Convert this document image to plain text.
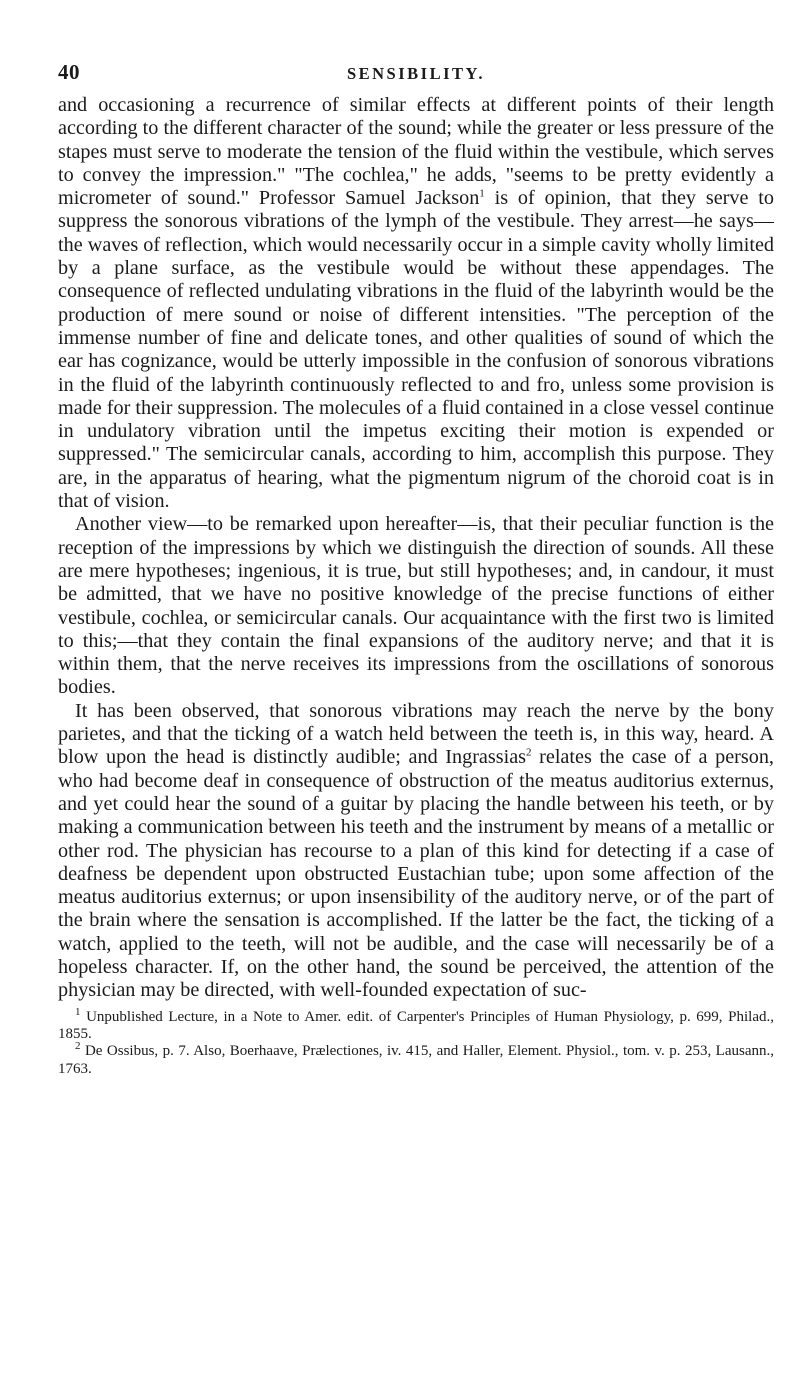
40	SENSIBILITY.

and occasioning a recurrence of similar effects at different points of their length according to the different character of the sound; while the greater or less pressure of the stapes must serve to moderate the tension of the fluid within the vestibule, which serves to convey the impression." "The cochlea," he adds, "seems to be pretty evidently a micrometer of sound." Professor Samuel Jackson$^1$ is of opinion, that they serve to suppress the sonorous vibrations of the lymph of the vestibule. They arrest—he says—the waves of reflection, which would necessarily occur in a simple cavity wholly limited by a plane surface, as the vestibule would be without these appendages. The consequence of reflected undulating vibrations in the fluid of the labyrinth would be the production of mere sound or noise of different intensities. "The perception of the immense number of fine and delicate tones, and other qualities of sound of which the ear has cognizance, would be utterly impossible in the confusion of sonorous vibrations in the fluid of the labyrinth continuously reflected to and fro, unless some provision is made for their suppression. The molecules of a fluid contained in a close vessel continue in undulatory vibration until the impetus exciting their motion is expended or suppressed." The semicircular canals, according to him, accomplish this purpose. They are, in the apparatus of hearing, what the pigmentum nigrum of the choroid coat is in that of vision.

Another view—to be remarked upon hereafter—is, that their peculiar function is the reception of the impressions by which we distinguish the direction of sounds. All these are mere hypotheses; ingenious, it is true, but still hypotheses; and, in candour, it must be admitted, that we have no positive knowledge of the precise functions of either vestibule, cochlea, or semicircular canals. Our acquaintance with the first two is limited to this;—that they contain the final expansions of the auditory nerve; and that it is within them, that the nerve receives its impressions from the oscillations of sonorous bodies.

It has been observed, that sonorous vibrations may reach the nerve by the bony parietes, and that the ticking of a watch held between the teeth is, in this way, heard. A blow upon the head is distinctly audible; and Ingrassias$^2$ relates the case of a person, who had become deaf in consequence of obstruction of the meatus auditorius externus, and yet could hear the sound of a guitar by placing the handle between his teeth, or by making a communication between his teeth and the instrument by means of a metallic or other rod. The physician has recourse to a plan of this kind for detecting if a case of deafness be dependent upon obstructed Eustachian tube; upon some affection of the meatus auditorius externus; or upon insensibility of the auditory nerve, or of the part of the brain where the sensation is accomplished. If the latter be the fact, the ticking of a watch, applied to the teeth, will not be audible, and the case will necessarily be of a hopeless character. If, on the other hand, the sound be perceived, the attention of the physician may be directed, with well-founded expectation of suc-

$^1$ Unpublished Lecture, in a Note to Amer. edit. of Carpenter's Principles of Human Physiology, p. 699, Philad., 1855.

$^2$ De Ossibus, p. 7. Also, Boerhaave, Prælectiones, iv. 415, and Haller, Element. Physiol., tom. v. p. 253, Lausann., 1763.
